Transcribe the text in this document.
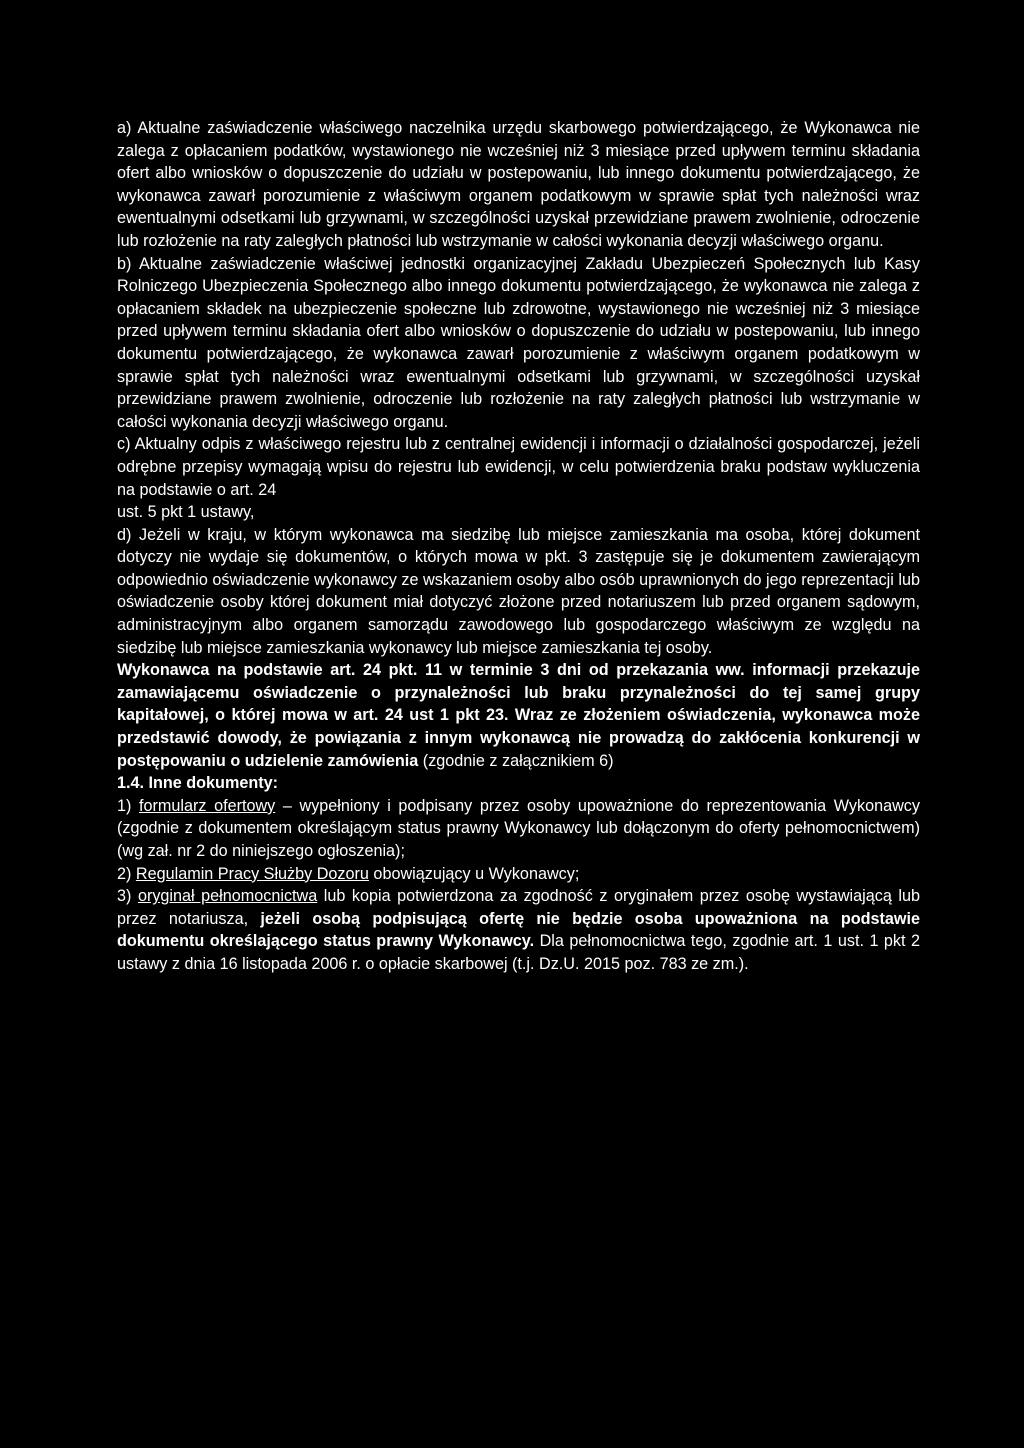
a) Aktualne zaświadczenie właściwego naczelnika urzędu skarbowego potwierdzającego, że Wykonawca nie zalega z opłacaniem podatków, wystawionego nie wcześniej niż 3 miesiące przed upływem terminu składania ofert albo wniosków o dopuszczenie do udziału w postepowaniu, lub innego dokumentu potwierdzającego, że wykonawca zawarł porozumienie z właściwym organem podatkowym w sprawie spłat tych należności wraz ewentualnymi odsetkami lub grzywnami, w szczególności uzyskał przewidziane prawem zwolnienie, odroczenie lub rozłożenie na raty zaległych płatności lub wstrzymanie w całości wykonania decyzji właściwego organu.

b) Aktualne zaświadczenie właściwej jednostki organizacyjnej Zakładu Ubezpieczeń Społecznych lub Kasy Rolniczego Ubezpieczenia Społecznego albo innego dokumentu potwierdzającego, że wykonawca nie zalega z opłacaniem składek na ubezpieczenie społeczne lub zdrowotne, wystawionego nie wcześniej niż 3 miesiące przed upływem terminu składania ofert albo wniosków o dopuszczenie do udziału w postepowaniu, lub innego dokumentu potwierdzającego, że wykonawca zawarł porozumienie z właściwym organem podatkowym w sprawie spłat tych należności wraz ewentualnymi odsetkami lub grzywnami, w szczególności uzyskał przewidziane prawem zwolnienie, odroczenie lub rozłożenie na raty zaległych płatności lub wstrzymanie w całości wykonania decyzji właściwego organu.

c) Aktualny odpis z właściwego rejestru lub z centralnej ewidencji i informacji o działalności gospodarczej, jeżeli odrębne przepisy wymagają wpisu do rejestru lub ewidencji, w celu potwierdzenia braku podstaw wykluczenia na podstawie o art. 24
ust. 5 pkt 1 ustawy,

d) Jeżeli w kraju, w którym wykonawca ma siedzibę lub miejsce zamieszkania ma osoba, której dokument dotyczy nie wydaje się dokumentów, o których mowa w pkt. 3 zastępuje się je dokumentem zawierającym odpowiednio oświadczenie wykonawcy ze wskazaniem osoby albo osób uprawnionych do jego reprezentacji lub oświadczenie osoby której dokument miał dotyczyć złożone przed notariuszem lub przed organem sądowym, administracyjnym albo organem samorządu zawodowego lub gospodarczego właściwym ze względu na siedzibę lub miejsce zamieszkania wykonawcy lub miejsce zamieszkania tej osoby.

Wykonawca na podstawie art. 24 pkt. 11 w terminie 3 dni od przekazania ww. informacji przekazuje zamawiającemu oświadczenie o przynależności lub braku przynależności do tej samej grupy kapitałowej, o której mowa w art. 24 ust 1 pkt 23. Wraz ze złożeniem oświadczenia, wykonawca może przedstawić dowody, że powiązania z innym wykonawcą nie prowadzą do zakłócenia konkurencji w postępowaniu o udzielenie zamówienia (zgodnie z załącznikiem 6)

1.4. Inne dokumenty:

1) formularz ofertowy – wypełniony i podpisany przez osoby upoważnione do reprezentowania Wykonawcy (zgodnie z dokumentem określającym status prawny Wykonawcy lub dołączonym do oferty pełnomocnictwem) (wg zał. nr 2 do niniejszego ogłoszenia);

2) Regulamin Pracy Służby Dozoru obowiązujący u Wykonawcy;

3) oryginał pełnomocnictwa lub kopia potwierdzona za zgodność z oryginałem przez osobę wystawiającą lub przez notariusza, jeżeli osobą podpisującą ofertę nie będzie osoba upoważniona na podstawie dokumentu określającego status prawny Wykonawcy. Dla pełnomocnictwa tego, zgodnie art. 1 ust. 1 pkt 2 ustawy z dnia 16 listopada 2006 r. o opłacie skarbowej (t.j. Dz.U. 2015 poz. 783 ze zm.).
